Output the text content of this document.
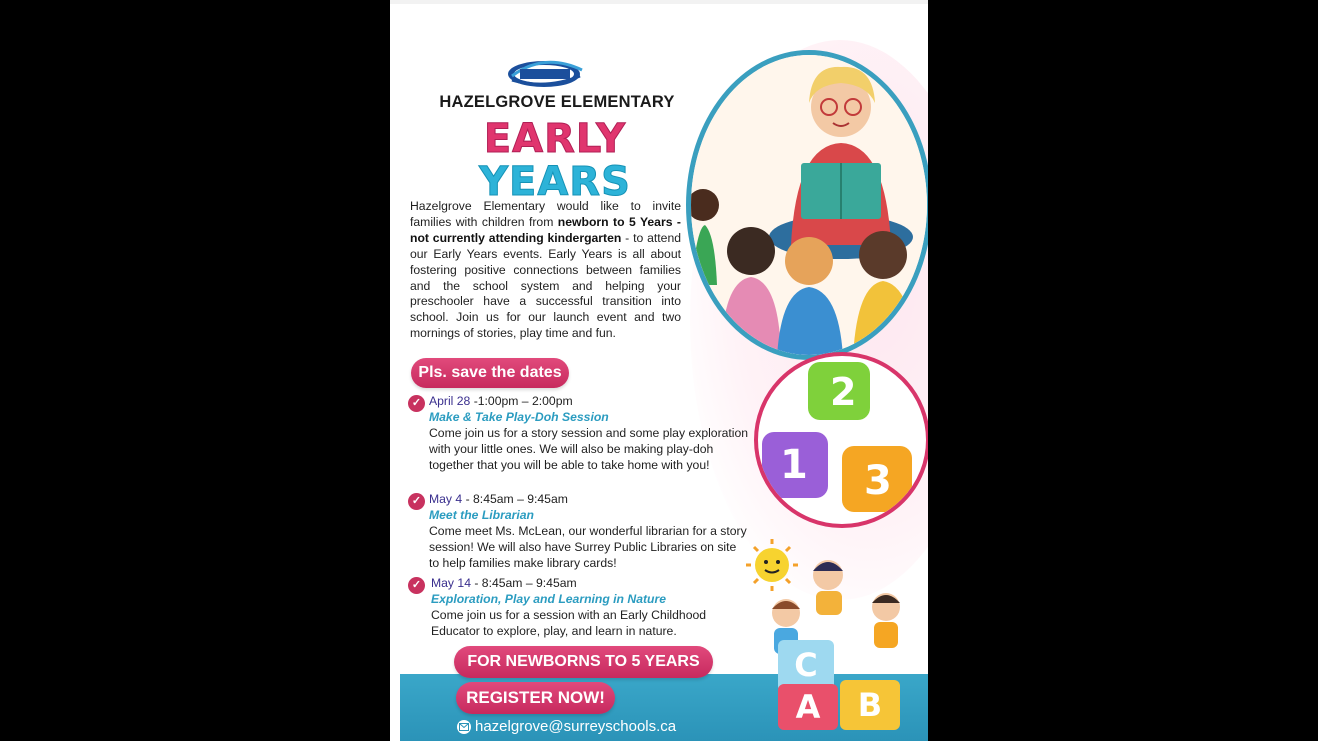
HAZELGROVE ELEMENTARY
EARLY
YEARS

Hazelgrove Elementary would like to invite families with children from newborn to 5 Years - not currently attending kindergarten - to attend our Early Years events. Early Years is all about fostering positive connections between families and the school system and helping your preschooler have a successful transition into school. Join us for our launch event and two mornings of stories, play time and fun.

Pls. save the dates
✓ April 28 -1:00pm – 2:00pm
Make & Take Play-Doh Session
Come join us for a story session and some play exploration with your little ones. We will also be making play-doh together that you will be able to take home with you!
✓ May 4 - 8:45am – 9:45am
Meet the Librarian
Come meet Ms. McLean, our wonderful librarian for a story session! We will also have Surrey Public Libraries on site to help families make library cards!
✓ May 14 - 8:45am – 9:45am
Exploration, Play and Learning in Nature
Come join us for a session with an Early Childhood Educator to explore, play, and learn in nature.
2
1 3
C
A	B
FOR NEWBORNS TO 5 YEARS
REGISTER NOW!
hazelgrove@surreyschools.ca
